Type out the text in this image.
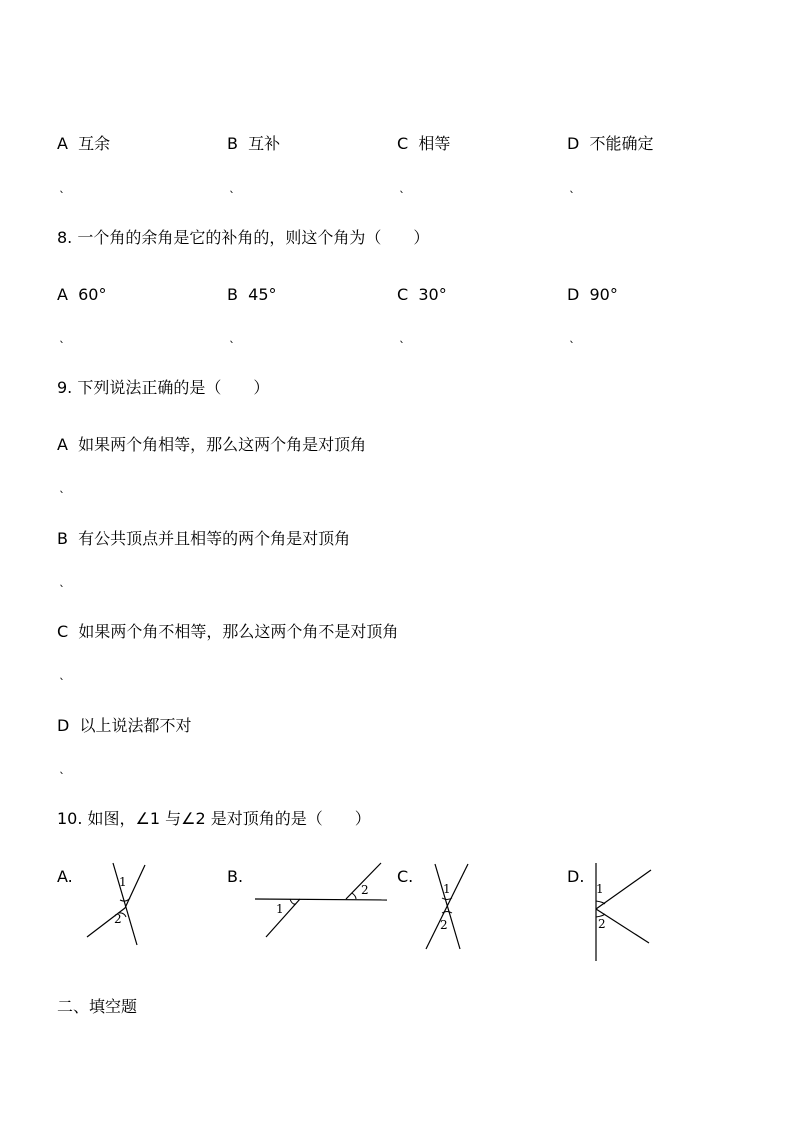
A 互余	B 互补	C 相等	D 不能确定
ˎ	ˎ	ˎ	ˎ
8. 一个角的余角是它的补角的，则这个角为（　　）
A 60°	B 45°	C 30°	D 90°
ˎ	ˎ	ˎ	ˎ
9. 下列说法正确的是（　　）
A 如果两个角相等，那么这两个角是对顶角
ˎ
B 有公共顶点并且相等的两个角是对顶角
ˎ
C 如果两个角不相等，那么这两个角不是对顶角
ˎ
D 以上说法都不对
ˎ
10. 如图，∠1 与∠2 是对顶角的是（　　）
A.	B.	C.	D.
1
2
1
2	1
2
1
2
二、填空题
